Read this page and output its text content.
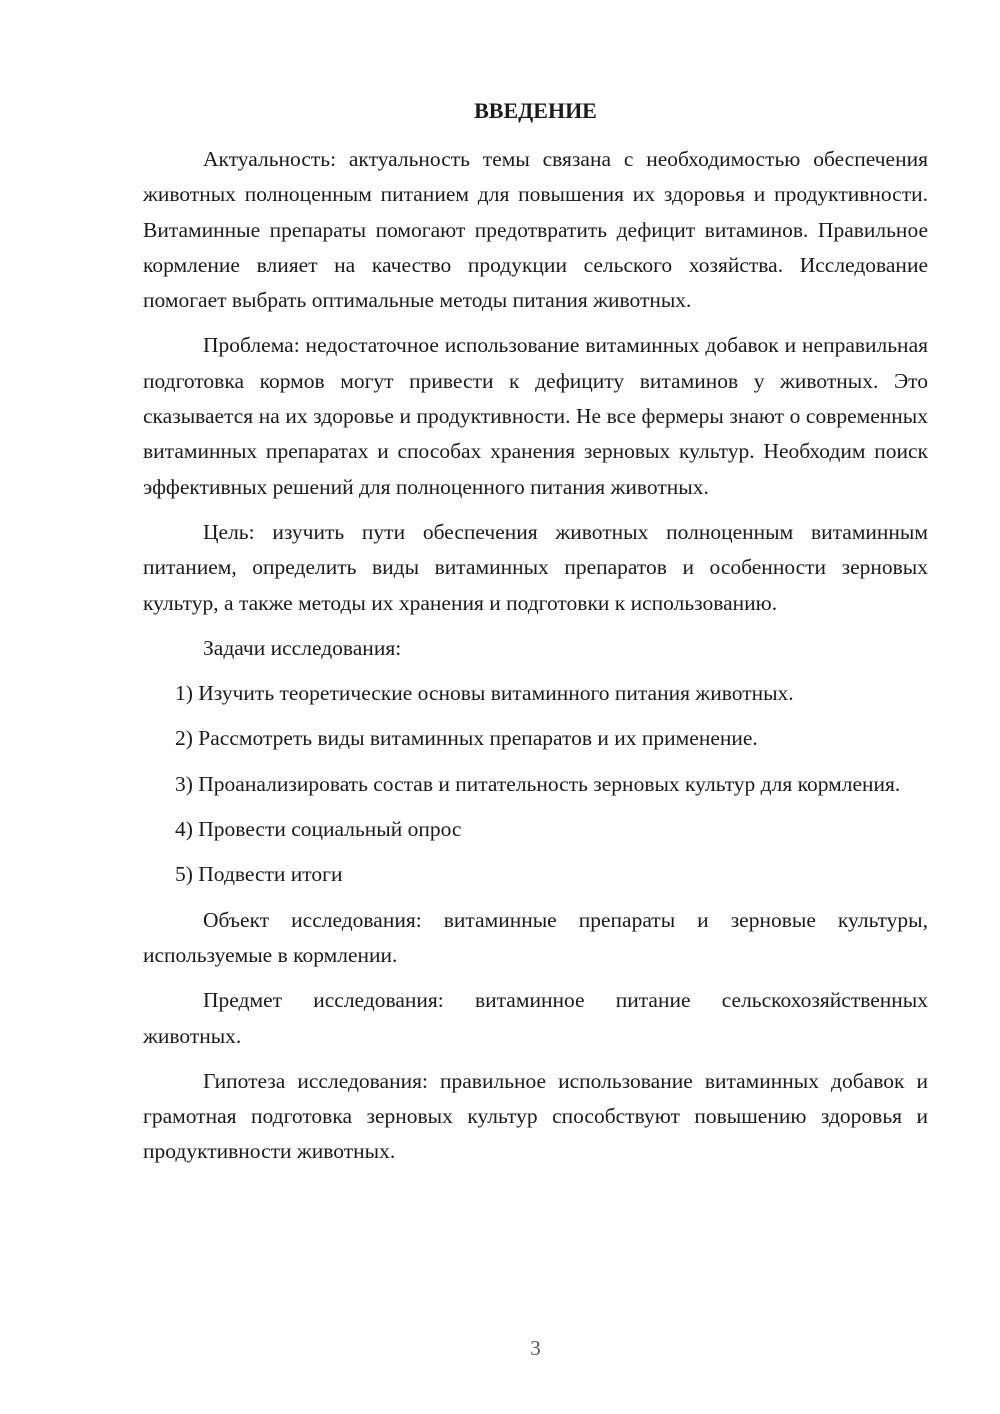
ВВЕДЕНИЕ

Актуальность: актуальность темы связана с необходимостью обеспечения животных полноценным питанием для повышения их здоровья и продуктивности. Витаминные препараты помогают предотвратить дефицит витаминов. Правильное кормление влияет на качество продукции сельского хозяйства. Исследование помогает выбрать оптимальные методы питания животных.

Проблема: недостаточное использование витаминных добавок и неправильная подготовка кормов могут привести к дефициту витаминов у животных. Это сказывается на их здоровье и продуктивности. Не все фермеры знают о современных витаминных препаратах и способах хранения зерновых культур. Необходим поиск эффективных решений для полноценного питания животных.

Цель: изучить пути обеспечения животных полноценным витаминным питанием, определить виды витаминных препаратов и особенности зерновых культур, а также методы их хранения и подготовки к использованию.

Задачи исследования:

1) Изучить теоретические основы витаминного питания животных.

2) Рассмотреть виды витаминных препаратов и их применение.

3) Проанализировать состав и питательность зерновых культур для кормления.

4) Провести социальный опрос

5) Подвести итоги

Объект исследования: витаминные препараты и зерновые культуры, используемые в кормлении.

Предмет исследования: витаминное питание сельскохозяйственных животных.

Гипотеза исследования: правильное использование витаминных добавок и грамотная подготовка зерновых культур способствуют повышению здоровья и продуктивности животных.

3
